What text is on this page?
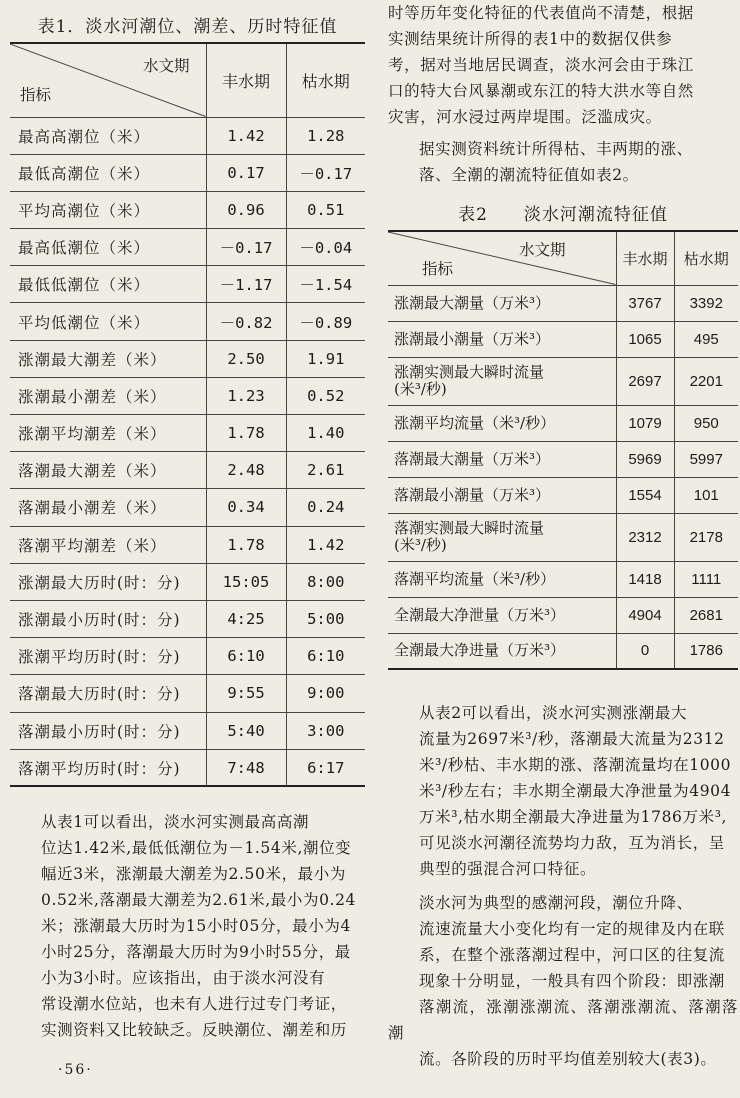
表1．淡水河潮位、潮差、历时特征值
水文期
指标	丰水期	枯水期
最高高潮位（米）	1.42	1.28
最低高潮位（米）	0.17	－0.17
平均高潮位（米）	0.96	0.51
最高低潮位（米）	－0.17	－0.04
最低低潮位（米）	－1.17	－1.54
平均低潮位（米）	－0.82	－0.89
涨潮最大潮差（米）	2.50	1.91
涨潮最小潮差（米）	1.23	0.52
涨潮平均潮差（米）	1.78	1.40
落潮最大潮差（米）	2.48	2.61
落潮最小潮差（米）	0.34	0.24
落潮平均潮差（米）	1.78	1.42
涨潮最大历时(时：分)	15:05	8:00
涨潮最小历时(时：分)	4:25	5:00
涨潮平均历时(时：分)	6:10	6:10
落潮最大历时(时：分)	9:55	9:00
落潮最小历时(时：分)	5:40	3:00
落潮平均历时(时：分)	7:48	6:17
从表1可以看出，淡水河实测最高高潮
位达1.42米,最低低潮位为－1.54米,潮位变
幅近3米，涨潮最大潮差为2.50米，最小为
0.52米,落潮最大潮差为2.61米,最小为0.24
米；涨潮最大历时为15小时05分，最小为4
小时25分，落潮最大历时为9小时55分，最
小为3小时。应该指出，由于淡水河没有
常设潮水位站，也未有人进行过专门考证，
实测资料又比较缺乏。反映潮位、潮差和历
时等历年变化特征的代表值尚不清楚，根据
实测结果统计所得的表1中的数据仅供参
考，据对当地居民调查，淡水河会由于珠江
口的特大台风暴潮或东江的特大洪水等自然
灾害，河水浸过两岸堤围。泛滥成灾。
据实测资料统计所得枯、丰两期的涨、
落、全潮的潮流特征值如表2。
表2　　淡水河潮流特征值
水文期
指标	丰水期	枯水期
涨潮最大潮量（万米³）	3767	3392
涨潮最小潮量（万米³）	1065	495
涨潮实测最大瞬时流量
(米³/秒)	2697	2201
涨潮平均流量（米³/秒）	1079	950
落潮最大潮量（万米³）	5969	5997
落潮最小潮量（万米³）	1554	101
落潮实测最大瞬时流量
(米³/秒)	2312	2178
落潮平均流量（米³/秒）	1418	1111
全潮最大净泄量（万米³）	4904	2681
全潮最大净进量（万米³）	0	1786
从表2可以看出，淡水河实测涨潮最大
流量为2697米³/秒，落潮最大流量为2312
米³/秒枯、丰水期的涨、落潮流量均在1000
米³/秒左右；丰水期全潮最大净泄量为4904
万米³,枯水期全潮最大净进量为1786万米³,
可见淡水河潮径流势均力敌，互为消长，呈
典型的强混合河口特征。
淡水河为典型的感潮河段，潮位升降、
流速流量大小变化均有一定的规律及内在联
系，在整个涨落潮过程中，河口区的往复流
现象十分明显，一般具有四个阶段：即涨潮
落潮流，涨潮涨潮流、落潮涨潮流、落潮落潮
流。各阶段的历时平均值差别较大(表3)。
·56·
